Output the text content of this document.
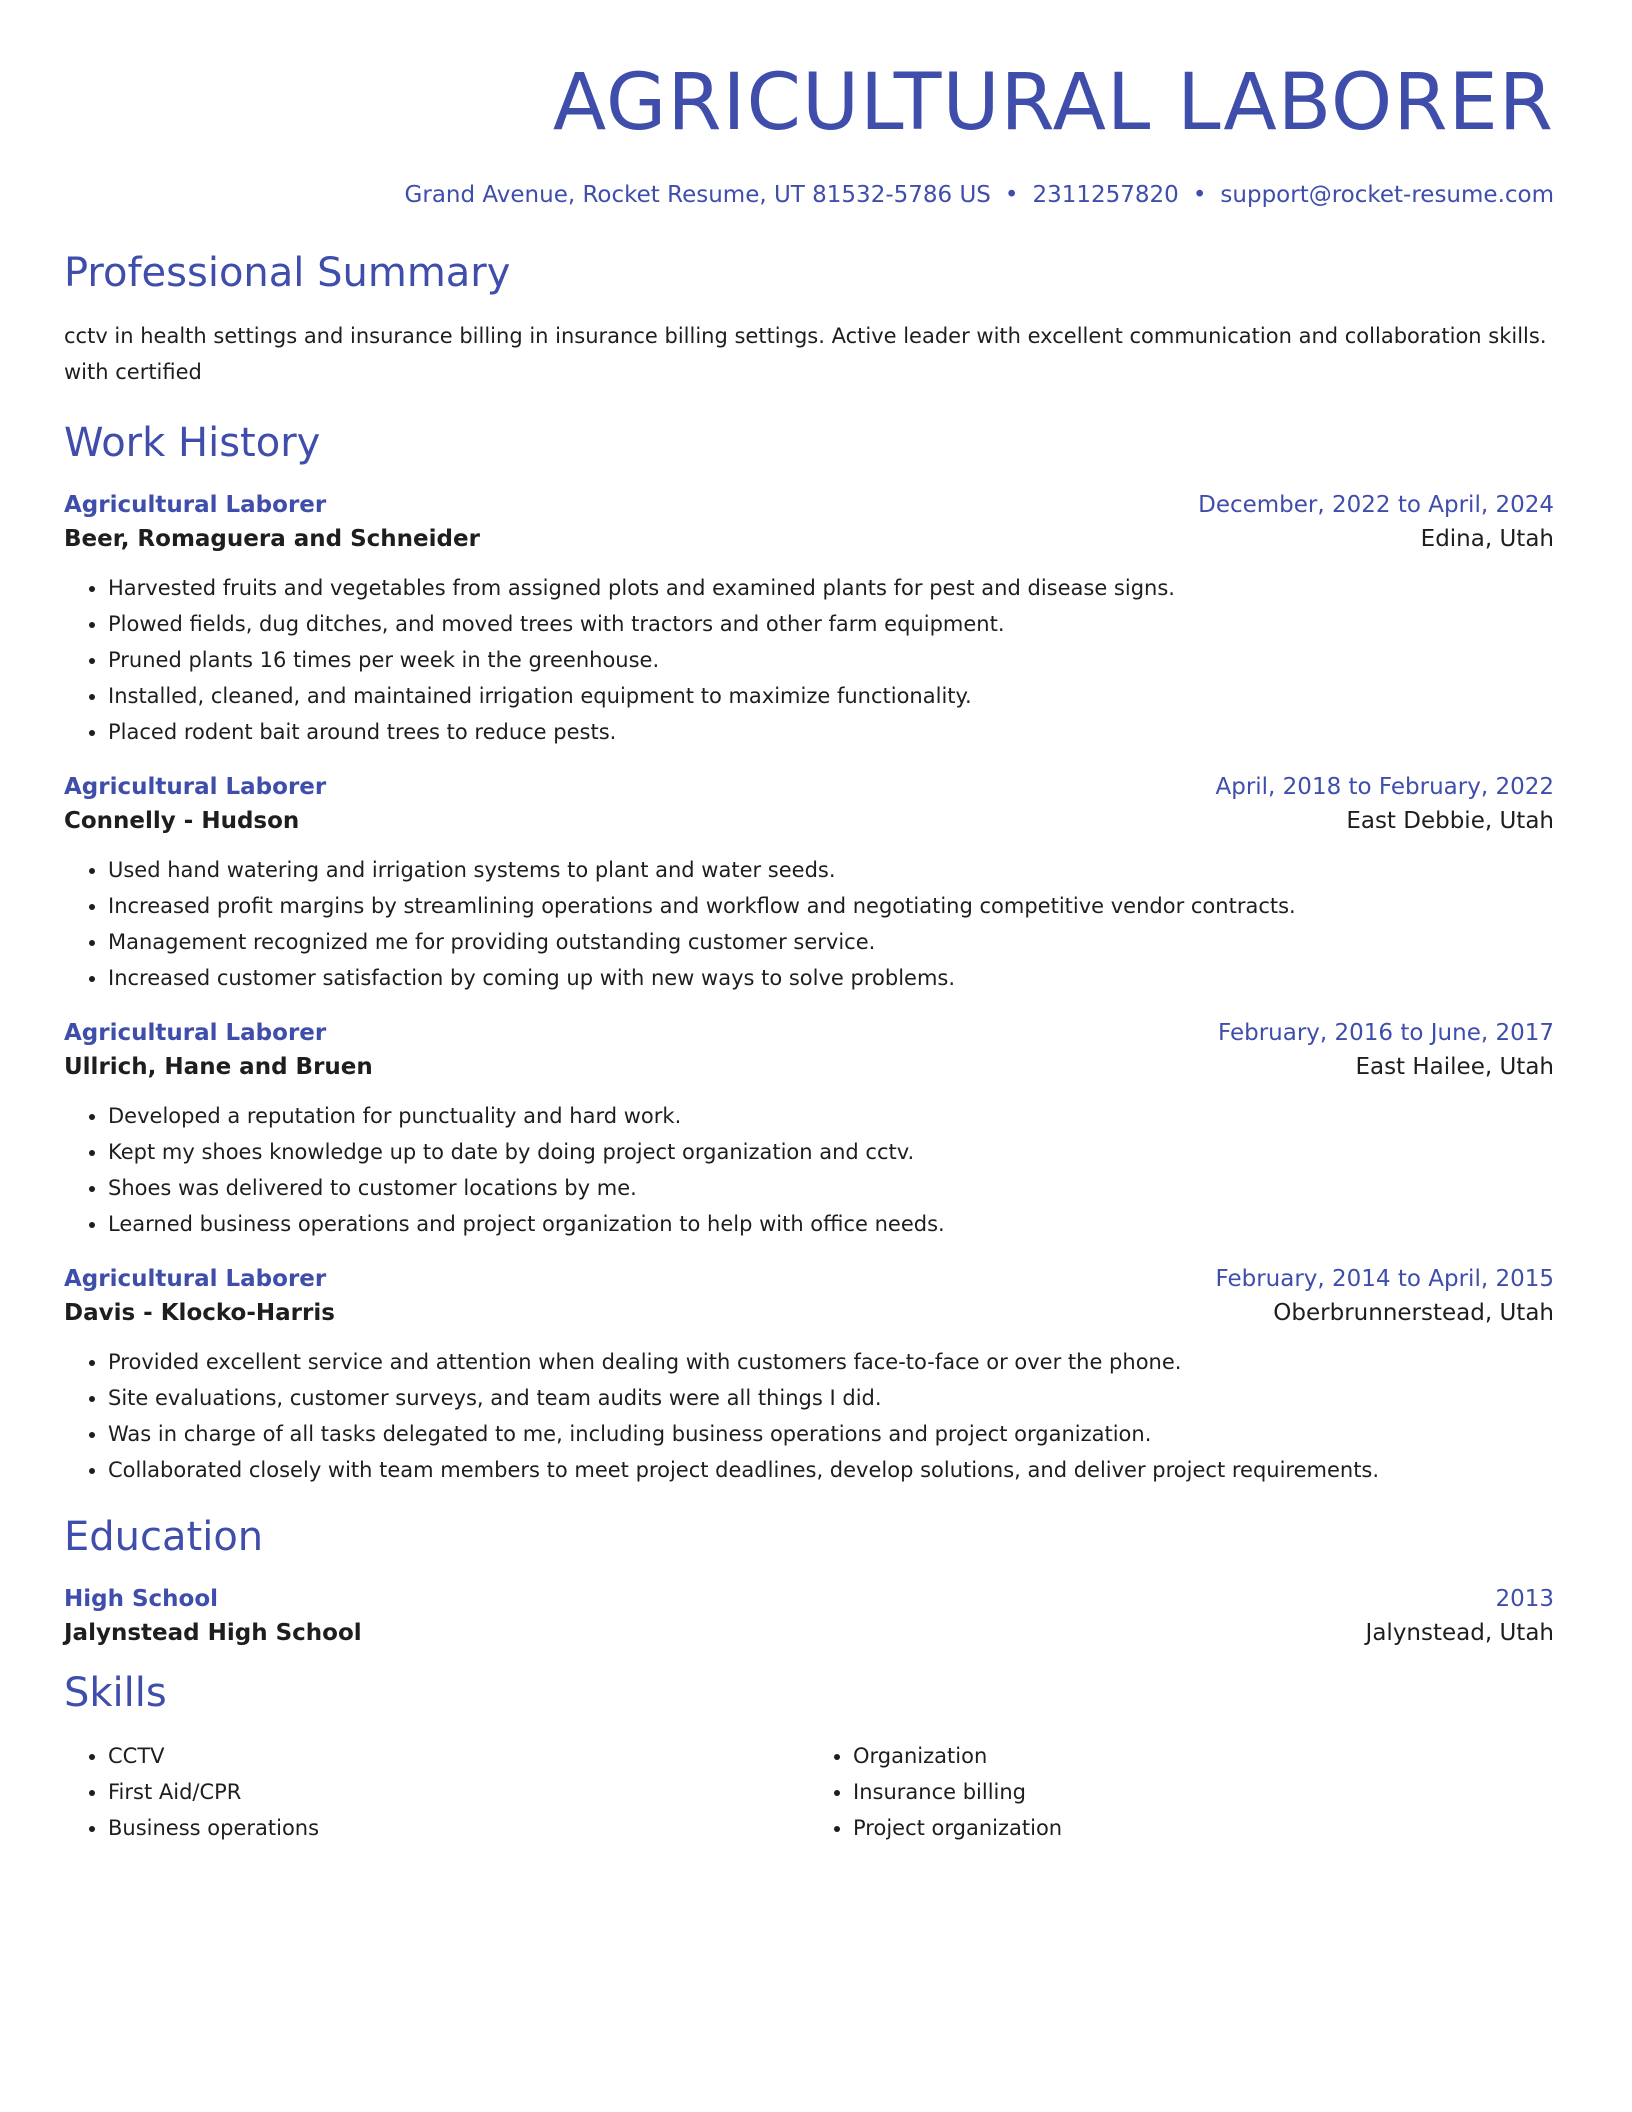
AGRICULTURAL LABORER
Grand Avenue, Rocket Resume, UT 81532-5786 US • 2311257820 • support@rocket-resume.com
Professional Summary
cctv in health settings and insurance billing in insurance billing settings. Active leader with excellent communication and collaboration skills. with certified
Work History
Agricultural Laborer	December, 2022 to April, 2024
Beer, Romaguera and Schneider	Edina, Utah
• Harvested fruits and vegetables from assigned plots and examined plants for pest and disease signs.
• Plowed fields, dug ditches, and moved trees with tractors and other farm equipment.
• Pruned plants 16 times per week in the greenhouse.
• Installed, cleaned, and maintained irrigation equipment to maximize functionality.
• Placed rodent bait around trees to reduce pests.
Agricultural Laborer	April, 2018 to February, 2022
Connelly - Hudson	East Debbie, Utah
• Used hand watering and irrigation systems to plant and water seeds.
• Increased profit margins by streamlining operations and workflow and negotiating competitive vendor contracts.
• Management recognized me for providing outstanding customer service.
• Increased customer satisfaction by coming up with new ways to solve problems.
Agricultural Laborer	February, 2016 to June, 2017
Ullrich, Hane and Bruen	East Hailee, Utah
• Developed a reputation for punctuality and hard work.
• Kept my shoes knowledge up to date by doing project organization and cctv.
• Shoes was delivered to customer locations by me.
• Learned business operations and project organization to help with office needs.
Agricultural Laborer	February, 2014 to April, 2015
Davis - Klocko-Harris	Oberbrunnerstead, Utah
• Provided excellent service and attention when dealing with customers face-to-face or over the phone.
• Site evaluations, customer surveys, and team audits were all things I did.
• Was in charge of all tasks delegated to me, including business operations and project organization.
• Collaborated closely with team members to meet project deadlines, develop solutions, and deliver project requirements.
Education
High School	2013
Jalynstead High School	Jalynstead, Utah
Skills
• CCTV
• First Aid/CPR
• Business operations
• Organization
• Insurance billing
• Project organization
